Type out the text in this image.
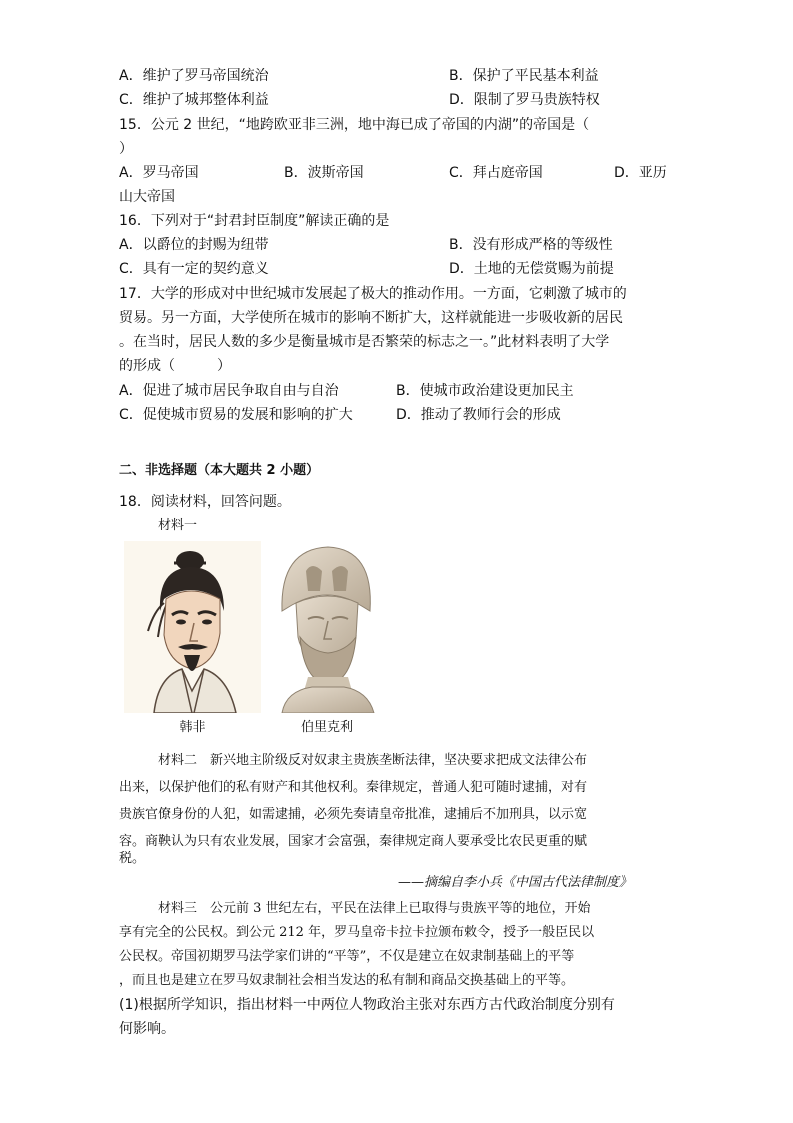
A．维护了罗马帝国统治	B．保护了平民基本利益
C．维护了城邦整体利益	D．限制了罗马贵族特权
15．公元 2 世纪，“地跨欧亚非三洲，地中海已成了帝国的内湖”的帝国是（
）
A．罗马帝国	B．波斯帝国	C．拜占庭帝国	D．亚历
山大帝国
16．下列对于“封君封臣制度”解读正确的是
A．以爵位的封赐为纽带	B．没有形成严格的等级性
C．具有一定的契约意义	D．土地的无偿赏赐为前提
17．大学的形成对中世纪城市发展起了极大的推动作用。一方面，它刺激了城市的
贸易。另一方面，大学使所在城市的影响不断扩大，这样就能进一步吸收新的居民
。在当时，居民人数的多少是衡量城市是否繁荣的标志之一。”此材料表明了大学
的形成（　　　）
A．促进了城市居民争取自由与自治	B．使城市政治建设更加民主
C．促使城市贸易的发展和影响的扩大	D．推动了教师行会的形成
二、非选择题（本大题共 2 小题）
18．阅读材料，回答问题。
材料一
韩非	伯里克利
材料二　新兴地主阶级反对奴隶主贵族垄断法律，坚决要求把成文法律公布
出来，以保护他们的私有财产和其他权利。秦律规定，普通人犯可随时逮捕，对有
贵族官僚身份的人犯，如需逮捕，必须先奏请皇帝批准，逮捕后不加刑具，以示宽
容。商鞅认为只有农业发展，国家才会富强，秦律规定商人要承受比农民更重的赋
税。
——摘编自李小兵《中国古代法律制度》
材料三　公元前 3 世纪左右，平民在法律上已取得与贵族平等的地位，开始
享有完全的公民权。到公元 212 年，罗马皇帝卡拉卡拉颁布敕令，授予一般臣民以
公民权。帝国初期罗马法学家们讲的“平等”，不仅是建立在奴隶制基础上的平等
，而且也是建立在罗马奴隶制社会相当发达的私有制和商品交换基础上的平等。
(1)根据所学知识，指出材料一中两位人物政治主张对东西方古代政治制度分别有
何影响。
